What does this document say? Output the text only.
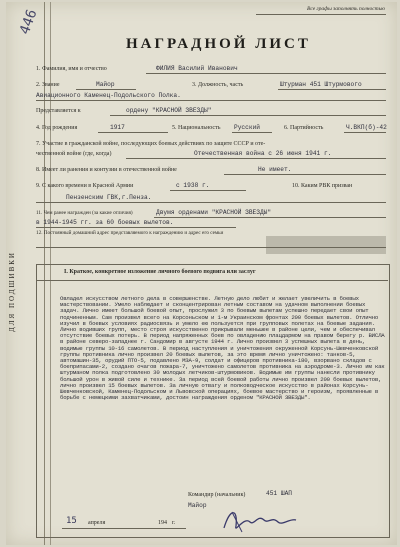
446	Все графы заполнять полностью
ДЛЯ ПОДШИВКИ
НАГРАДНОЙ ЛИСТ
1. Фамилия, имя и отчество	ФИЛИЯ Василий Иванович
2. Звание	Майор	3. Должность, часть	Штурман 451 Штурмового
Авиационного Каменец-Подольского Полка.
Представляется к	ордену "КРАСНОЙ ЗВЕЗДЫ"
4. Год рождения	1917	5. Национальность Русский	6. Партийность	Ч.ВКП(б)-42
7. Участие в гражданской войне, последующих боевых действиях по защите СССР и оте-
чественной войне (где, когда)	Отечественная война с 26 июня 1941 г.
8. Имеет ли ранения и контузии в отечественной войне	Не имеет.
9. С какого времени в Красной Армии	с 1938 г.	10. Каким РВК призван
Пензенским ГВК,г.Пенза.
11. Чем ранее награжден (за какие отличия)	Двумя орденами "КРАСНОЙ ЗВЕЗДЫ"
в 1944-1945 гг. за 60 боевых вылетов.
12. Постоянный домашний адрес представляемого к награждению и адрес его семьи
I. Краткое, конкретное изложение личного боевого подвига или заслуг
Овладел искусством летного дела в совершенстве. Летную дело любит и желает увеличить в боевых мастерствовании. Умело наблюдает и сконцентрирован летным составом на удачном выполнении боевых задач. Лично имеет большой боевой опыт, прослужил 3 по боевым вылетам успешно передает свои опыт подчиненным. Сам произвел всего на Корсоньском и 1-м Украинском фронтах 200 боевых вылетов. Отлично изучил в боевых условиях радиосвязь и умело ею пользуется при групповых полетах на боевые задания. Лично водивших групп, место строя искусственно прикрывали меньшее в районе цели, чем и обеспечивал отсутствие боевых потерь. В период напряженных боев по овладению плацдармом на правом берегу р. ВИСЛА в районе северо-западнее г. Сандомир в августе 1944 г. Лично произвел 3 успешных вылета в день, водимые группы 10-16 самолетов. В период наступления и уничтожения окруженной Корсунь-Шевченковской группы противника лично произвел 20 боевых вылетов, за это время лично уничтожено: танков-5, автомашин-35, орудий ПТО-5, подавлено МЗА-9, солдат и офицеров противника-180, взорвано складов с боеприпасами-2, создано очагов пожара-7, уничтожено самолетов противника на аэродроме-3. Лично им как штурманом полка подготовлено 30 молодых летчиков-штурмовиков. Водимые им группы нанесли противнику большой урон в живой силе и технике. За период всей боевой работы лично произвел 200 боевых вылетов, лично произвел 15 боевых вылетов. За личную отвагу и полководческое искусство в районах Корсунь-Шевченковской, Каменец-Подольском и Львовской операциях, боевое мастерство и героизм, проявленные в борьбе с немецкими захватчиками, достоин награждения орденом "КРАСНОЙ ЗВЕЗДЫ".
Командир (начальник)	451 ШАП
Майор
15 апреля	194 г.
